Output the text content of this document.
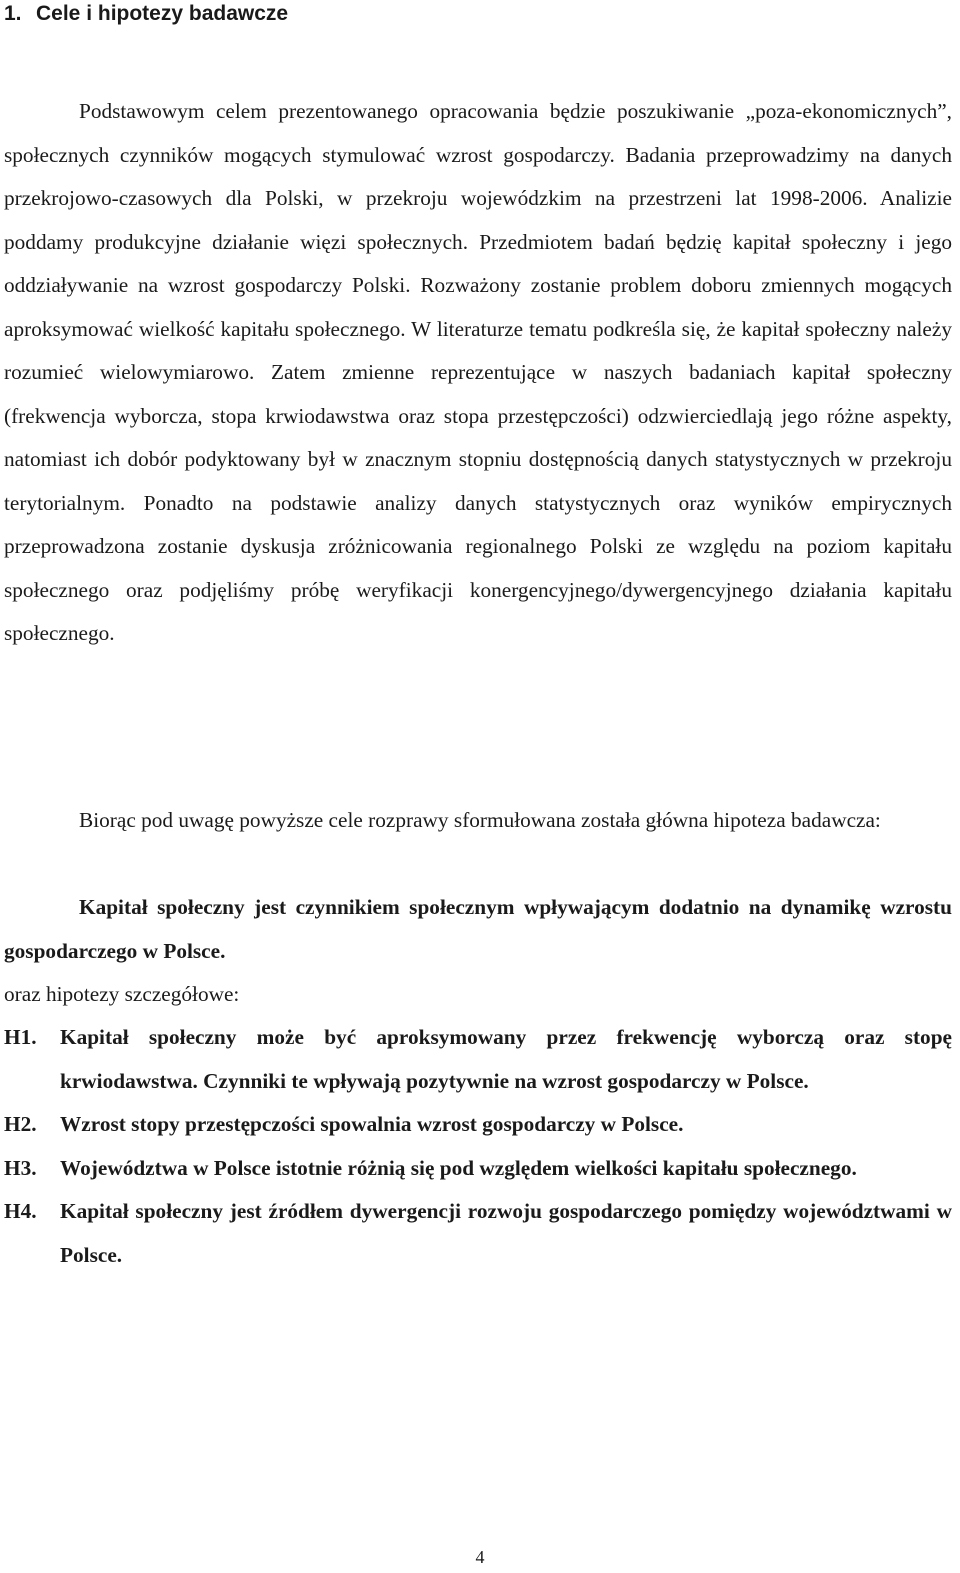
1. Cele i hipotezy badawcze

Podstawowym celem prezentowanego opracowania będzie poszukiwanie „poza-ekonomicznych”, społecznych czynników mogących stymulować wzrost gospodarczy. Badania przeprowadzimy na danych przekrojowo-czasowych dla Polski, w przekroju wojewódzkim na przestrzeni lat 1998-2006. Analizie poddamy produkcyjne działanie więzi społecznych. Przedmiotem badań będzię kapitał społeczny i jego oddziaływanie na wzrost gospodarczy Polski. Rozważony zostanie problem doboru zmiennych mogących aproksymować wielkość kapitału społecznego. W literaturze tematu podkreśla się, że kapitał społeczny należy rozumieć wielowymiarowo. Zatem zmienne reprezentujące w naszych badaniach kapitał społeczny (frekwencja wyborcza, stopa krwiodawstwa oraz stopa przestępczości) odzwierciedlają jego różne aspekty, natomiast ich dobór podyktowany był w znacznym stopniu dostępnością danych statystycznych w przekroju terytorialnym. Ponadto na podstawie analizy danych statystycznych oraz wyników empirycznych przeprowadzona zostanie dyskusja zróżnicowania regionalnego Polski ze względu na poziom kapitału społecznego oraz podjęliśmy próbę weryfikacji konergencyjnego/dywergencyjnego działania kapitału społecznego.

Biorąc pod uwagę powyższe cele rozprawy sformułowana została główna hipoteza badawcza:

Kapitał społeczny jest czynnikiem społecznym wpływającym dodatnio na dynamikę wzrostu gospodarczego w Polsce.

oraz hipotezy szczegółowe:

H1.	Kapitał społeczny może być aproksymowany przez frekwencję wyborczą oraz stopę krwiodawstwa. Czynniki te wpływają pozytywnie na wzrost gospodarczy w Polsce.
H2.	Wzrost stopy przestępczości spowalnia wzrost gospodarczy w Polsce.
H3.	Województwa w Polsce istotnie różnią się pod względem wielkości kapitału społecznego.
H4.	Kapitał społeczny jest źródłem dywergencji rozwoju gospodarczego pomiędzy województwami w Polsce.
4
